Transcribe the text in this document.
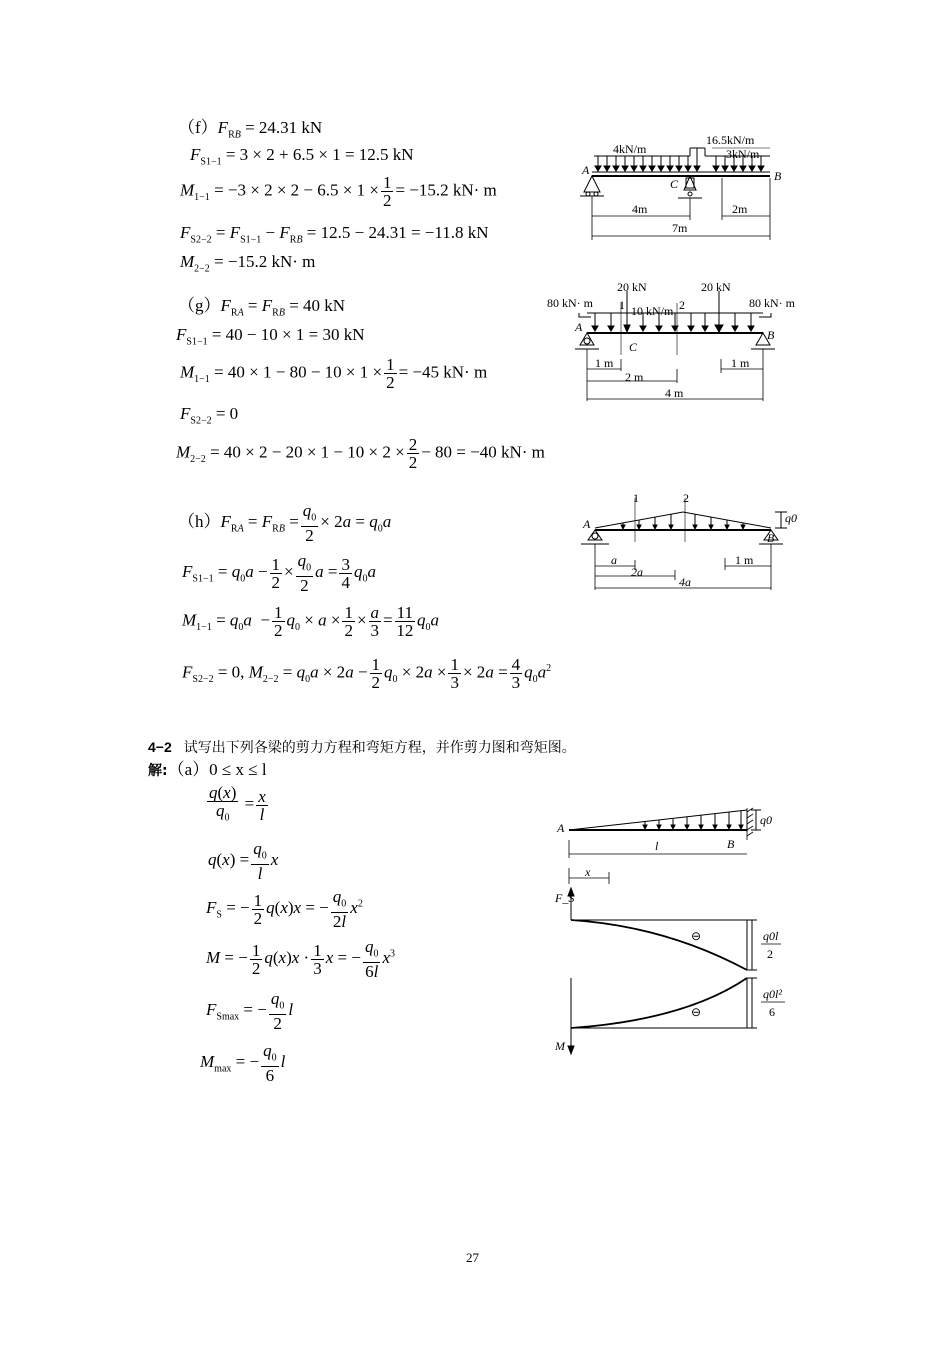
$(f)F_{RB} = 24.31$ kN
$F_{S1-1} = 3 \times 2 + 6.5 \times 1 = 12.5$ kN
$M_{1-1} = -3 \times 2 \times 2 - 6.5 \times 1 \times \frac{1}{2} = -15.2$ kN· m
$F_{S2-2} = F_{S1-1} - F_{RB} = 12.5 - 24.31 = -11.8$ kN
$M_{2-2} = -15.2$ kN· m
4kN/m
16.5kN/m
3kN/m
A	B
C
4m	2m
7m
$(g)F_{RA} = F_{RB} = 40$ kN
$F_{S1-1} = 40 - 10 \times 1 = 30$ kN
$M_{1-1} = 40 \times 1 - 80 - 10 \times 1 \times \frac{1}{2} = -45$ kN· m
$F_{S2-2} = 0$
$M_{2-2} = 40 \times 2 - 20 \times 1 - 10 \times 2 \times \frac{2}{2} - 80 = -40$ kN· m
80 kN· m	80 kN· m
20 kN	20 kN
10 kN/m
A
B
C
1	2
1 m
2 m
4 m
1 m
$(h)F_{RA} = F_{RB} = \frac{q_0}{2} \times 2a = q_0a$
$F_{S1-1} = q_0a - \frac{1}{2} \times \frac{q_0}{2}$ $a = \frac{3}{4} q_0a$
$M_{1-1} = q_0a - \frac{1}{2} q_0 \times a \times \frac{1}{2} \times \frac{a}{3} = \frac{11}{12} q_0a$
$F_{S2-2} = 0$, $M_{2-2} = q_0a \times 2a - \frac{1}{2} q_0 \times 2a \times \frac{1}{3} \times 2a = \frac{4}{3} q_0a^2$
A
B
q0
1	2
a
2a
4a
1 m
4−2 试写出下列各梁的剪力方程和弯矩方程，并作剪力图和弯矩图。
解:（a）0 ≤ x ≤ l
$\frac{q(x)}{q_0} = \frac{x}{l}$
$q(x) = \frac{q_0}{l}$ x
$F_S$ = − $\frac{1}{2} q(x)x$ = − $\frac{q_0}{2l} x^2$
M = − $\frac{1}{2} q(x)x \cdot \frac{1}{3}$ x = − $\frac{q_0}{6l} x^3$
$F_{Smax}$ = − $\frac{q_0}{2}$ l
$M_{max}$ = − $\frac{q_0}{6}$ l
A
B
l
x
q0
F_S
⊖	q0l
2
M
⊖
q0l²
6
27
